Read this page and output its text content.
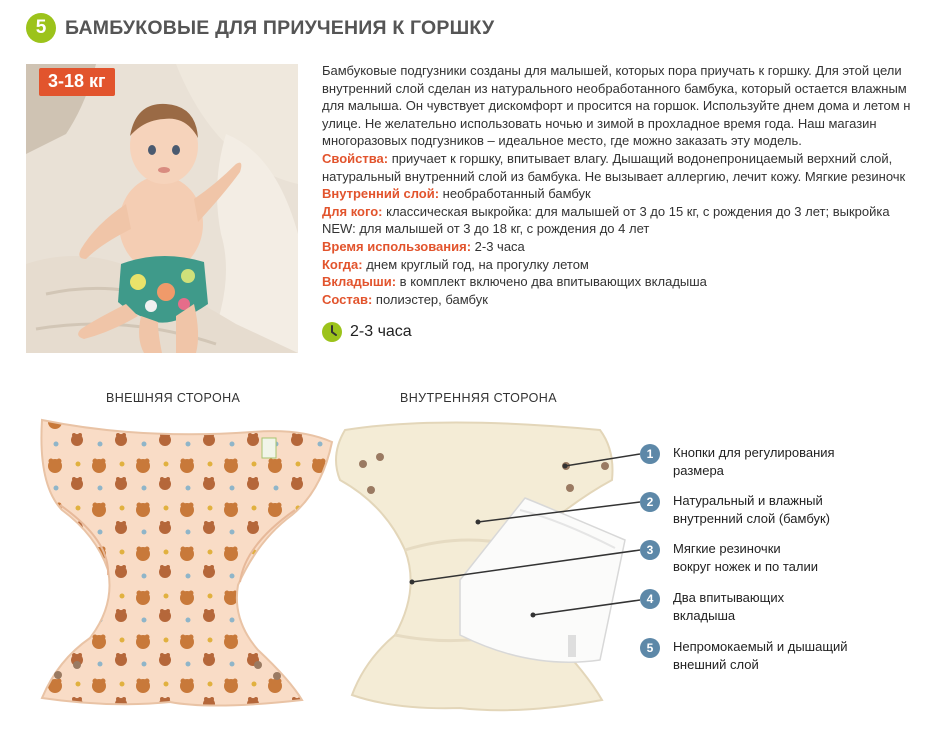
5 БАМБУКОВЫЕ ДЛЯ ПРИУЧЕНИЯ К ГОРШКУ
3-18 кг

Бамбуковые подгузники созданы для малышей, которых пора приучать к горшку. Для этой цели

внутренний слой сделан из натурального необработанного бамбука, который остается влажным

для малыша. Он чувствует дискомфорт и просится на горшок. Используйте днем дома и летом н

улице. Не желательно использовать ночью и зимой в прохладное время года. Наш магазин

многоразовых подгузников – идеальное место, где можно заказать эту модель.

Свойства: приучает к горшку, впитывает влагу. Дышащий водонепроницаемый верхний слой,

натуральный внутренний слой из бамбука. Не вызывает аллергию, лечит кожу. Мягкие резиночк

Внутренний слой: необработанный бамбук

Для кого: классическая выкройка: для малышей от 3 до 15 кг, с рождения до 3 лет; выкройка

NEW: для малышей от 3 до 18 кг, с рождения до 4 лет

Время использования: 2-3 часа

Когда: днем круглый год, на прогулку летом

Вкладыши: в комплект включено два впитывающих вкладыша

Состав: полиэстер, бамбук

2-3 часа
ВНЕШНЯЯ СТОРОНА	ВНУТРЕННЯЯ СТОРОНА
1	Кнопки для регулирования
размера
2	Натуральный и влажный
внутренний слой (бамбук)
3	Мягкие резиночки
вокруг ножек и по талии
4	Два впитывающих
вкладыша
5	Непромокаемый и дышащий
внешний слой
